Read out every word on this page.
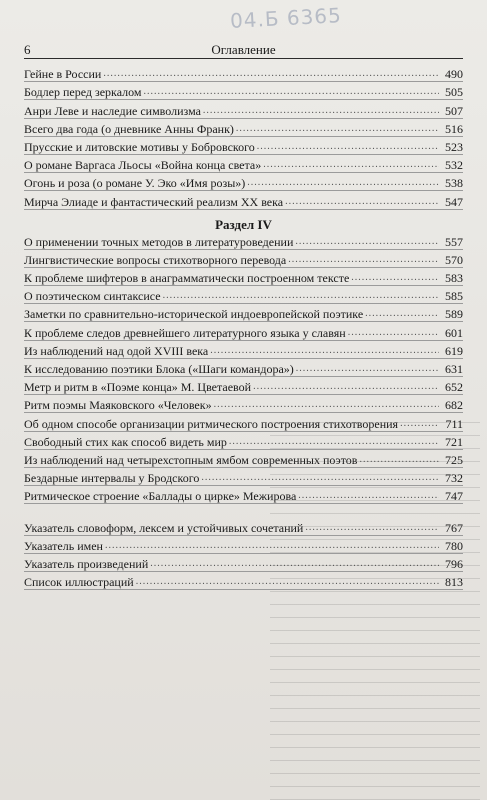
04.Б 6365
6	Оглавление
Гейне в России .....	490
Бодлер перед зеркалом .....	505
Анри Леве и наследие символизма .....	507
Всего два года (о дневнике Анны Франк) .....	516
Прусские и литовские мотивы у Бобровского .....	523
О романе Варгаса Льосы «Война конца света» .....	532
Огонь и роза (о романе У. Эко «Имя розы») .....	538
Мирча Элиаде и фантастический реализм XX века .....	547
Раздел IV
О применении точных методов в литературоведении .....	557
Лингвистические вопросы стихотворного перевода .....	570
К проблеме шифтеров в анаграмматически построенном тексте .....	583
О поэтическом синтаксисе .....	585
Заметки по сравнительно-исторической индоевропейской поэтике .....	589
К проблеме следов древнейшего литературного языка у славян .....	601
Из наблюдений над одой XVIII века .....	619
К исследованию поэтики Блока («Шаги командора») .....	631
Метр и ритм в «Поэме конца» М. Цветаевой .....	652
Ритм поэмы Маяковского «Человек» .....	682
Об одном способе организации ритмического построения стихотворения .....	711
Свободный стих как способ видеть мир .....	721
Из наблюдений над четырехстопным ямбом современных поэтов .....	725
Бездарные интервалы у Бродского .....	732
Ритмическое строение «Баллады о цирке» Межирова .....	747
Указатель словоформ, лексем и устойчивых сочетаний .....	767
Указатель имен .....	780
Указатель произведений .....	796
Список иллюстраций .....	813
